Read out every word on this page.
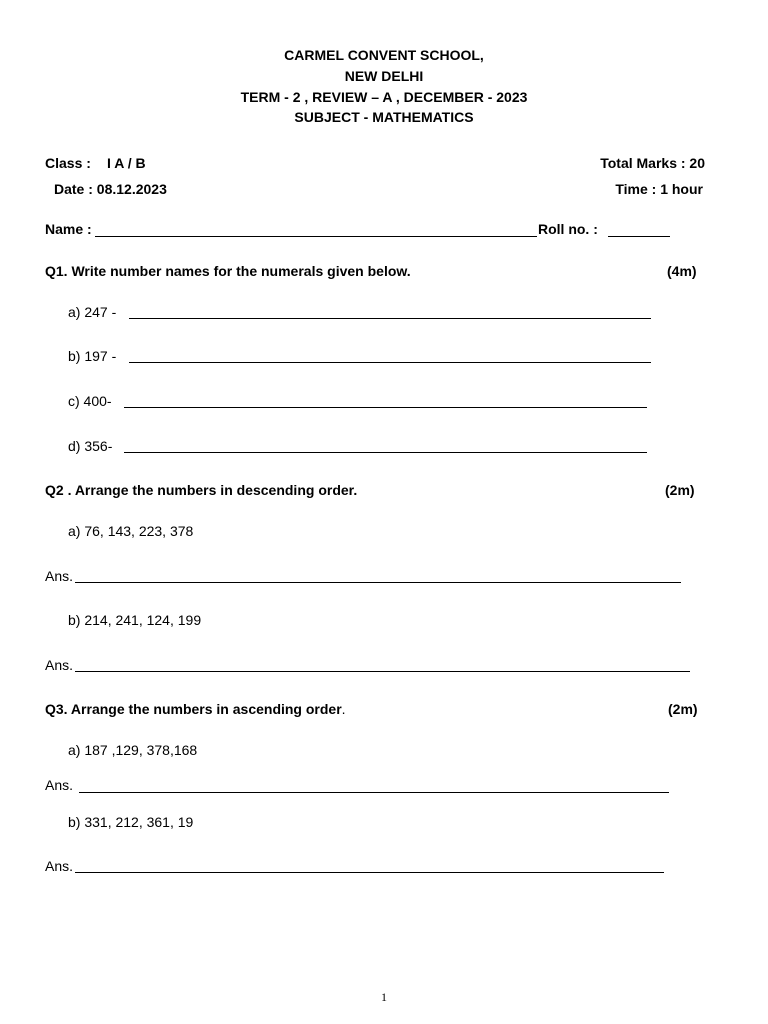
CARMEL CONVENT SCHOOL,
NEW DELHI
TERM - 2 , REVIEW – A , DECEMBER - 2023
SUBJECT - MATHEMATICS
Class : I A / B	Total Marks : 20
Date : 08.12.2023	Time : 1 hour
Name :	Roll no. :
Q1. Write number names for the numerals given below.	(4m)
a) 247 -
b) 197 -
c) 400-
d) 356-
Q2 . Arrange the numbers in descending order.	(2m)
a) 76, 143, 223, 378
Ans.
b) 214, 241, 124, 199
Ans.
Q3. Arrange the numbers in ascending order.	(2m)
a) 187 ,129, 378,168
Ans.
b) 331, 212, 361, 19
Ans.
1
